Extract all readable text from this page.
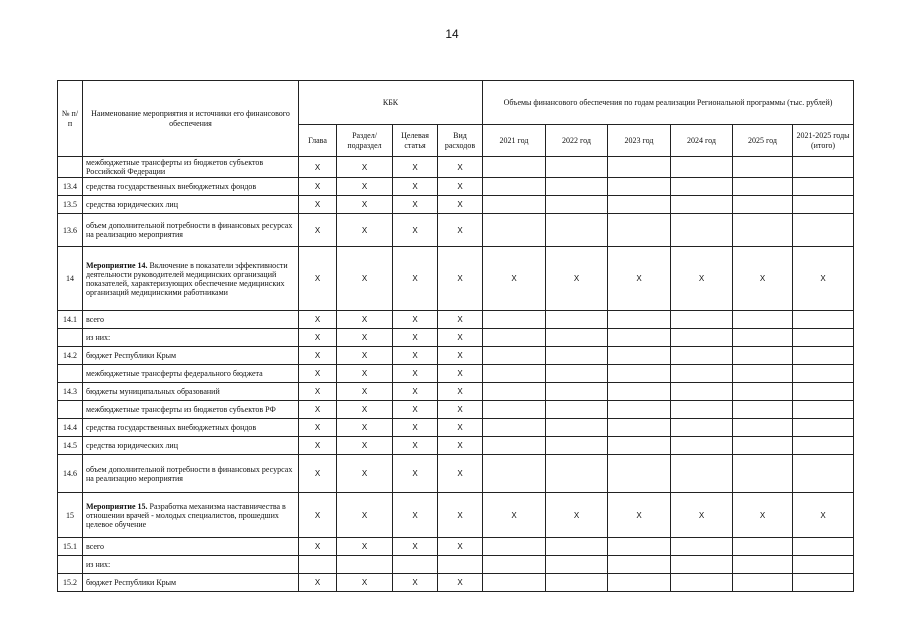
14
№ п/п	Наименование мероприятия и источники его финансового обеспечения	КБК				Объемы финансового обеспечения по годам реализации Региональной программы (тыс. рублей)					
		Глава	Раздел/ подраздел	Целевая статья	Вид расходов	2021 год	2022 год	2023 год	2024 год	2025 год	2021-2025 годы (итого)
	межбюджетные трансферты из бюджетов субъектов Российской Федерации	Х	Х	Х	Х						
13.4	средства государственных внебюджетных фондов	Х	Х	Х	Х						
13.5	средства юридических лиц	Х	Х	Х	Х						
13.6	объем дополнительной потребности в финансовых ресурсах на реализацию мероприятия	Х	Х	Х	Х						
14	Мероприятие 14. Включение в показатели эффективности деятельности руководителей медицинских организаций показателей, характеризующих обеспечение медицинских организаций медицинскими работниками	Х	Х	Х	Х	Х	Х	Х	Х	Х	Х
14.1	всего	Х	Х	Х	Х						
	из них:	Х	Х	Х	Х						
14.2	бюджет Республики Крым	Х	Х	Х	Х						
	межбюджетные трансферты федерального бюджета	Х	Х	Х	Х						
14.3	бюджеты муниципальных образований	Х	Х	Х	Х						
	межбюджетные трансферты из бюджетов субъектов РФ	Х	Х	Х	Х						
14.4	средства государственных внебюджетных фондов	Х	Х	Х	Х						
14.5	средства юридических лиц	Х	Х	Х	Х						
14.6	объем дополнительной потребности в финансовых ресурсах на реализацию мероприятия	Х	Х	Х	Х						
15	Мероприятие 15. Разработка механизма наставничества в отношении врачей - молодых специалистов, прошедших целевое обучение	Х	Х	Х	Х	Х	Х	Х	Х	Х	Х
15.1	всего	Х	Х	Х	Х						
	из них:										
15.2	бюджет Республики Крым	Х	Х	Х	Х						
